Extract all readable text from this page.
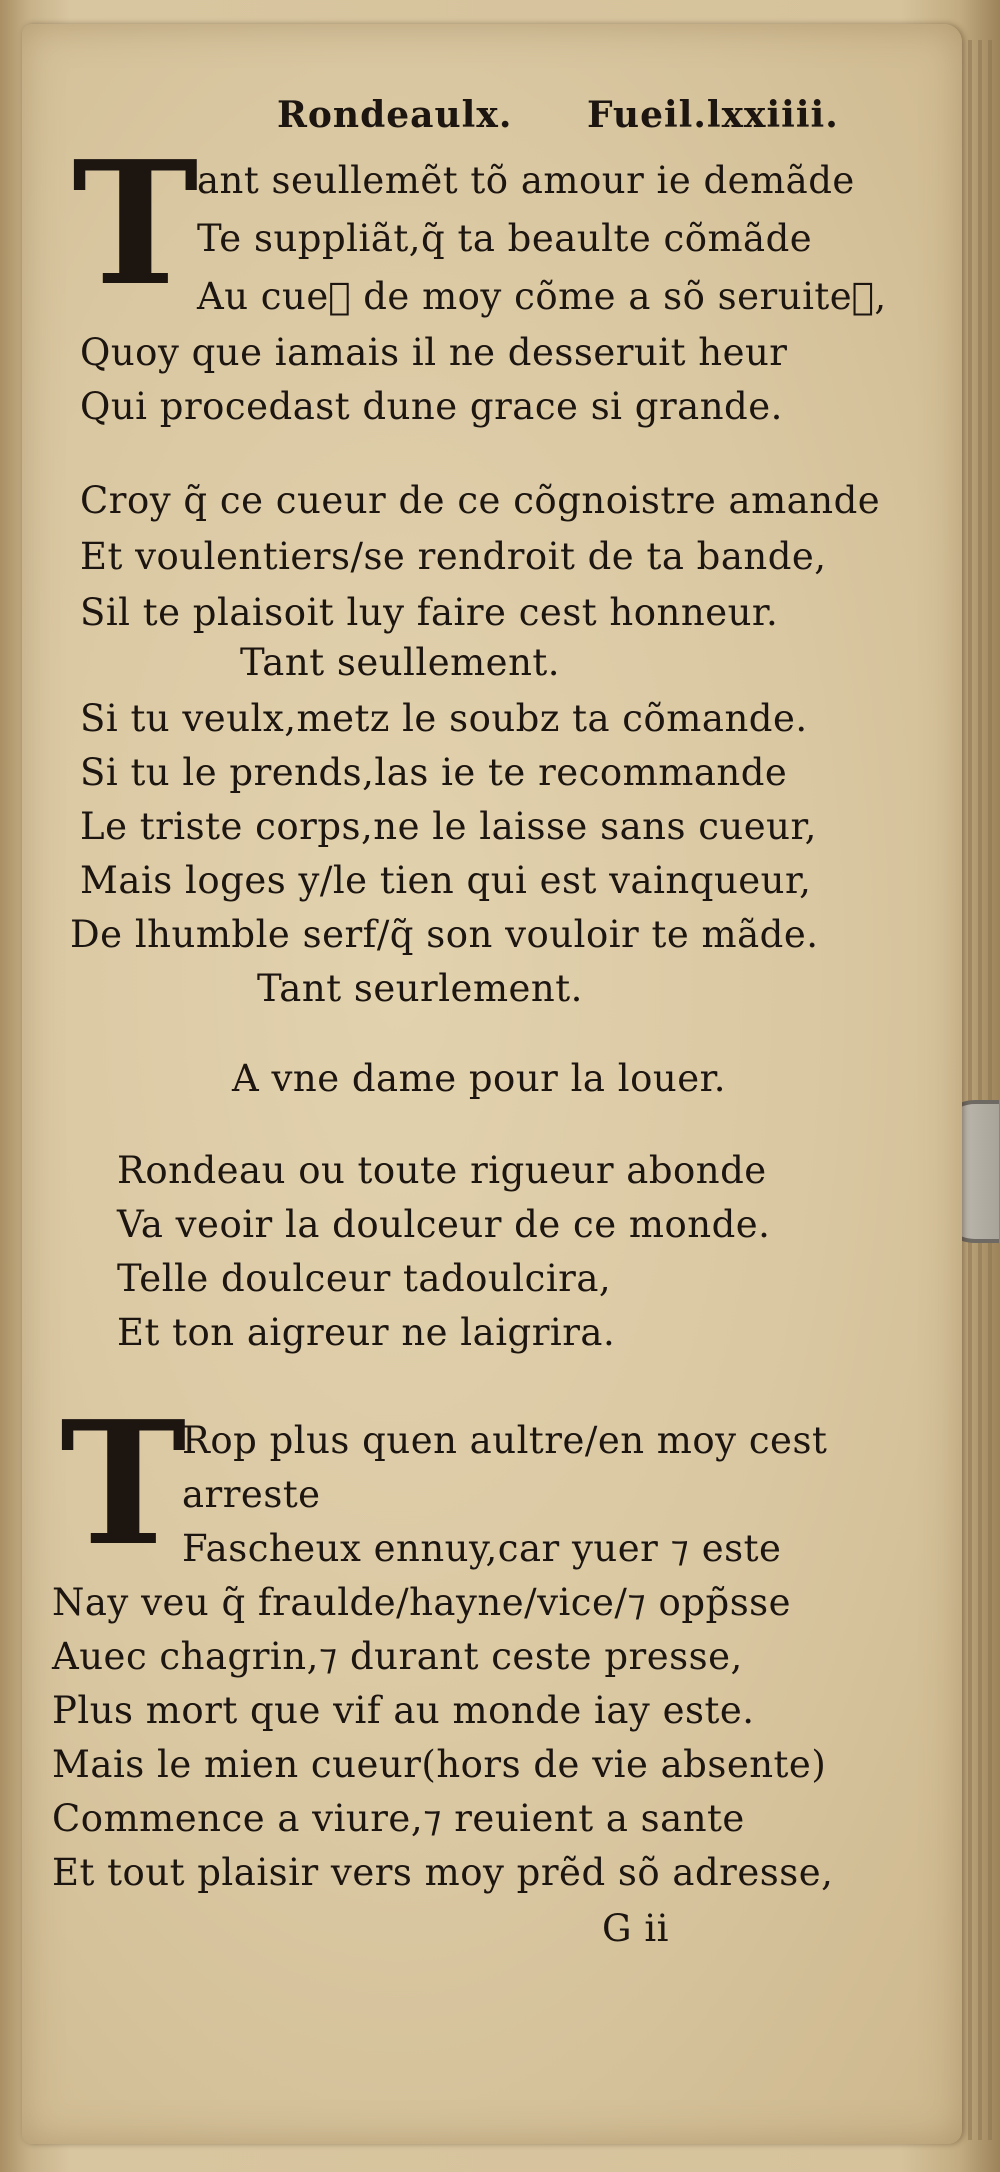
Rondeaulx. Fueil.lxxiiii.
T
ant seullemẽt tõ amour ie demãde
Te suppliãt,q̃ ta beaulte cõmãde
Au cueᷓ de moy cõme a sõ seruiteᷓ,
Quoy que iamais il ne desseruit heur
Qui procedast dune grace si grande.
Croy q̃ ce cueur de ce cõgnoistre amande
Et voulentiers/se rendroit de ta bande,
Sil te plaisoit luy faire cest honneur.
Tant seullement.
Si tu veulx,metz le soubz ta cõmande.
Si tu le prends,las ie te recommande
Le triste corps,ne le laisse sans cueur,
Mais loges y/le tien qui est vainqueur,
De lhumble serf/q̃ son vouloir te mãde.
Tant seurlement.
A vne dame pour la louer.
Rondeau ou toute rigueur abonde
Va veoir la doulceur de ce monde.
Telle doulceur tadoulcira,
Et ton aigreur ne laigrira.
T
Rop plus quen aultre/en moy cest
arreste
Fascheux ennuy,car yuer ⁊ este
Nay veu q̃ fraulde/hayne/vice/⁊ opp̃sse
Auec chagrin,⁊ durant ceste presse,
Plus mort que vif au monde iay este.
Mais le mien cueur(hors de vie absente)
Commence a viure,⁊ reuient a sante
Et tout plaisir vers moy prẽd sõ adresse,
G ii
